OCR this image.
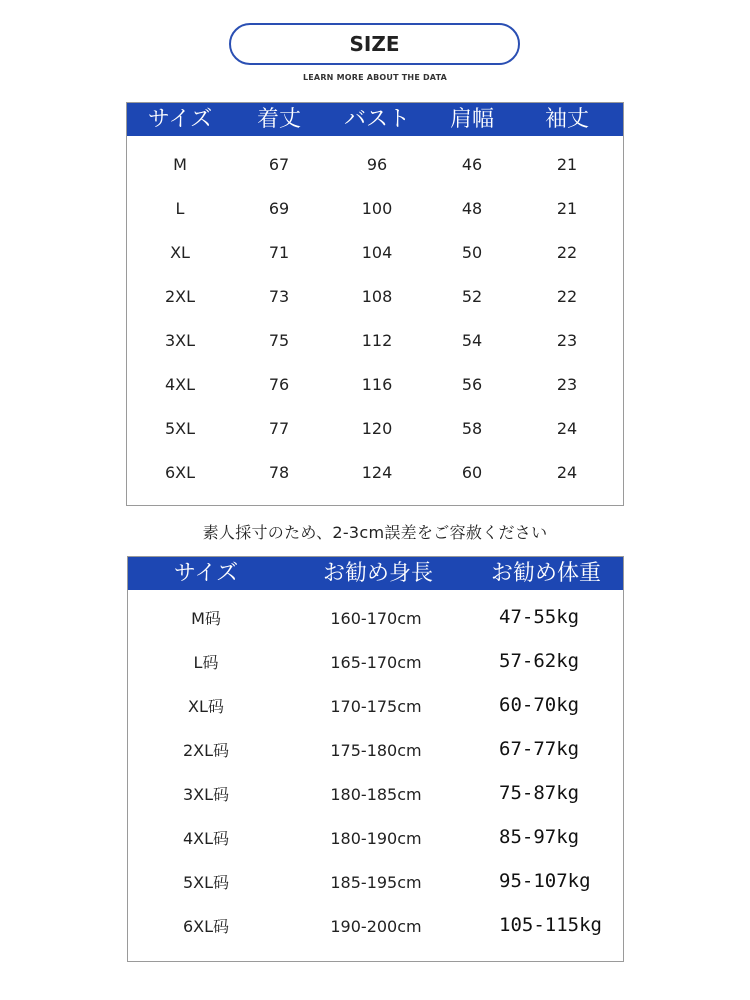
SIZE
LEARN MORE ABOUT THE DATA
サイズ	着丈	バスト	肩幅	袖丈
M	67	96	46	21
L	69	100	48	21
XL	71	104	50	22
2XL	73	108	52	22
3XL	75	112	54	23
4XL	76	116	56	23
5XL	77	120	58	24
6XL	78	124	60	24
素人採寸のため、2-3cm誤差をご容赦ください
サイズ	お勧め身長	お勧め体重
M码	160-170cm	47-55kg
L码	165-170cm	57-62kg
XL码	170-175cm	60-70kg
2XL码	175-180cm	67-77kg
3XL码	180-185cm	75-87kg
4XL码	180-190cm	85-97kg
5XL码	185-195cm	95-107kg
6XL码	190-200cm	105-115kg
